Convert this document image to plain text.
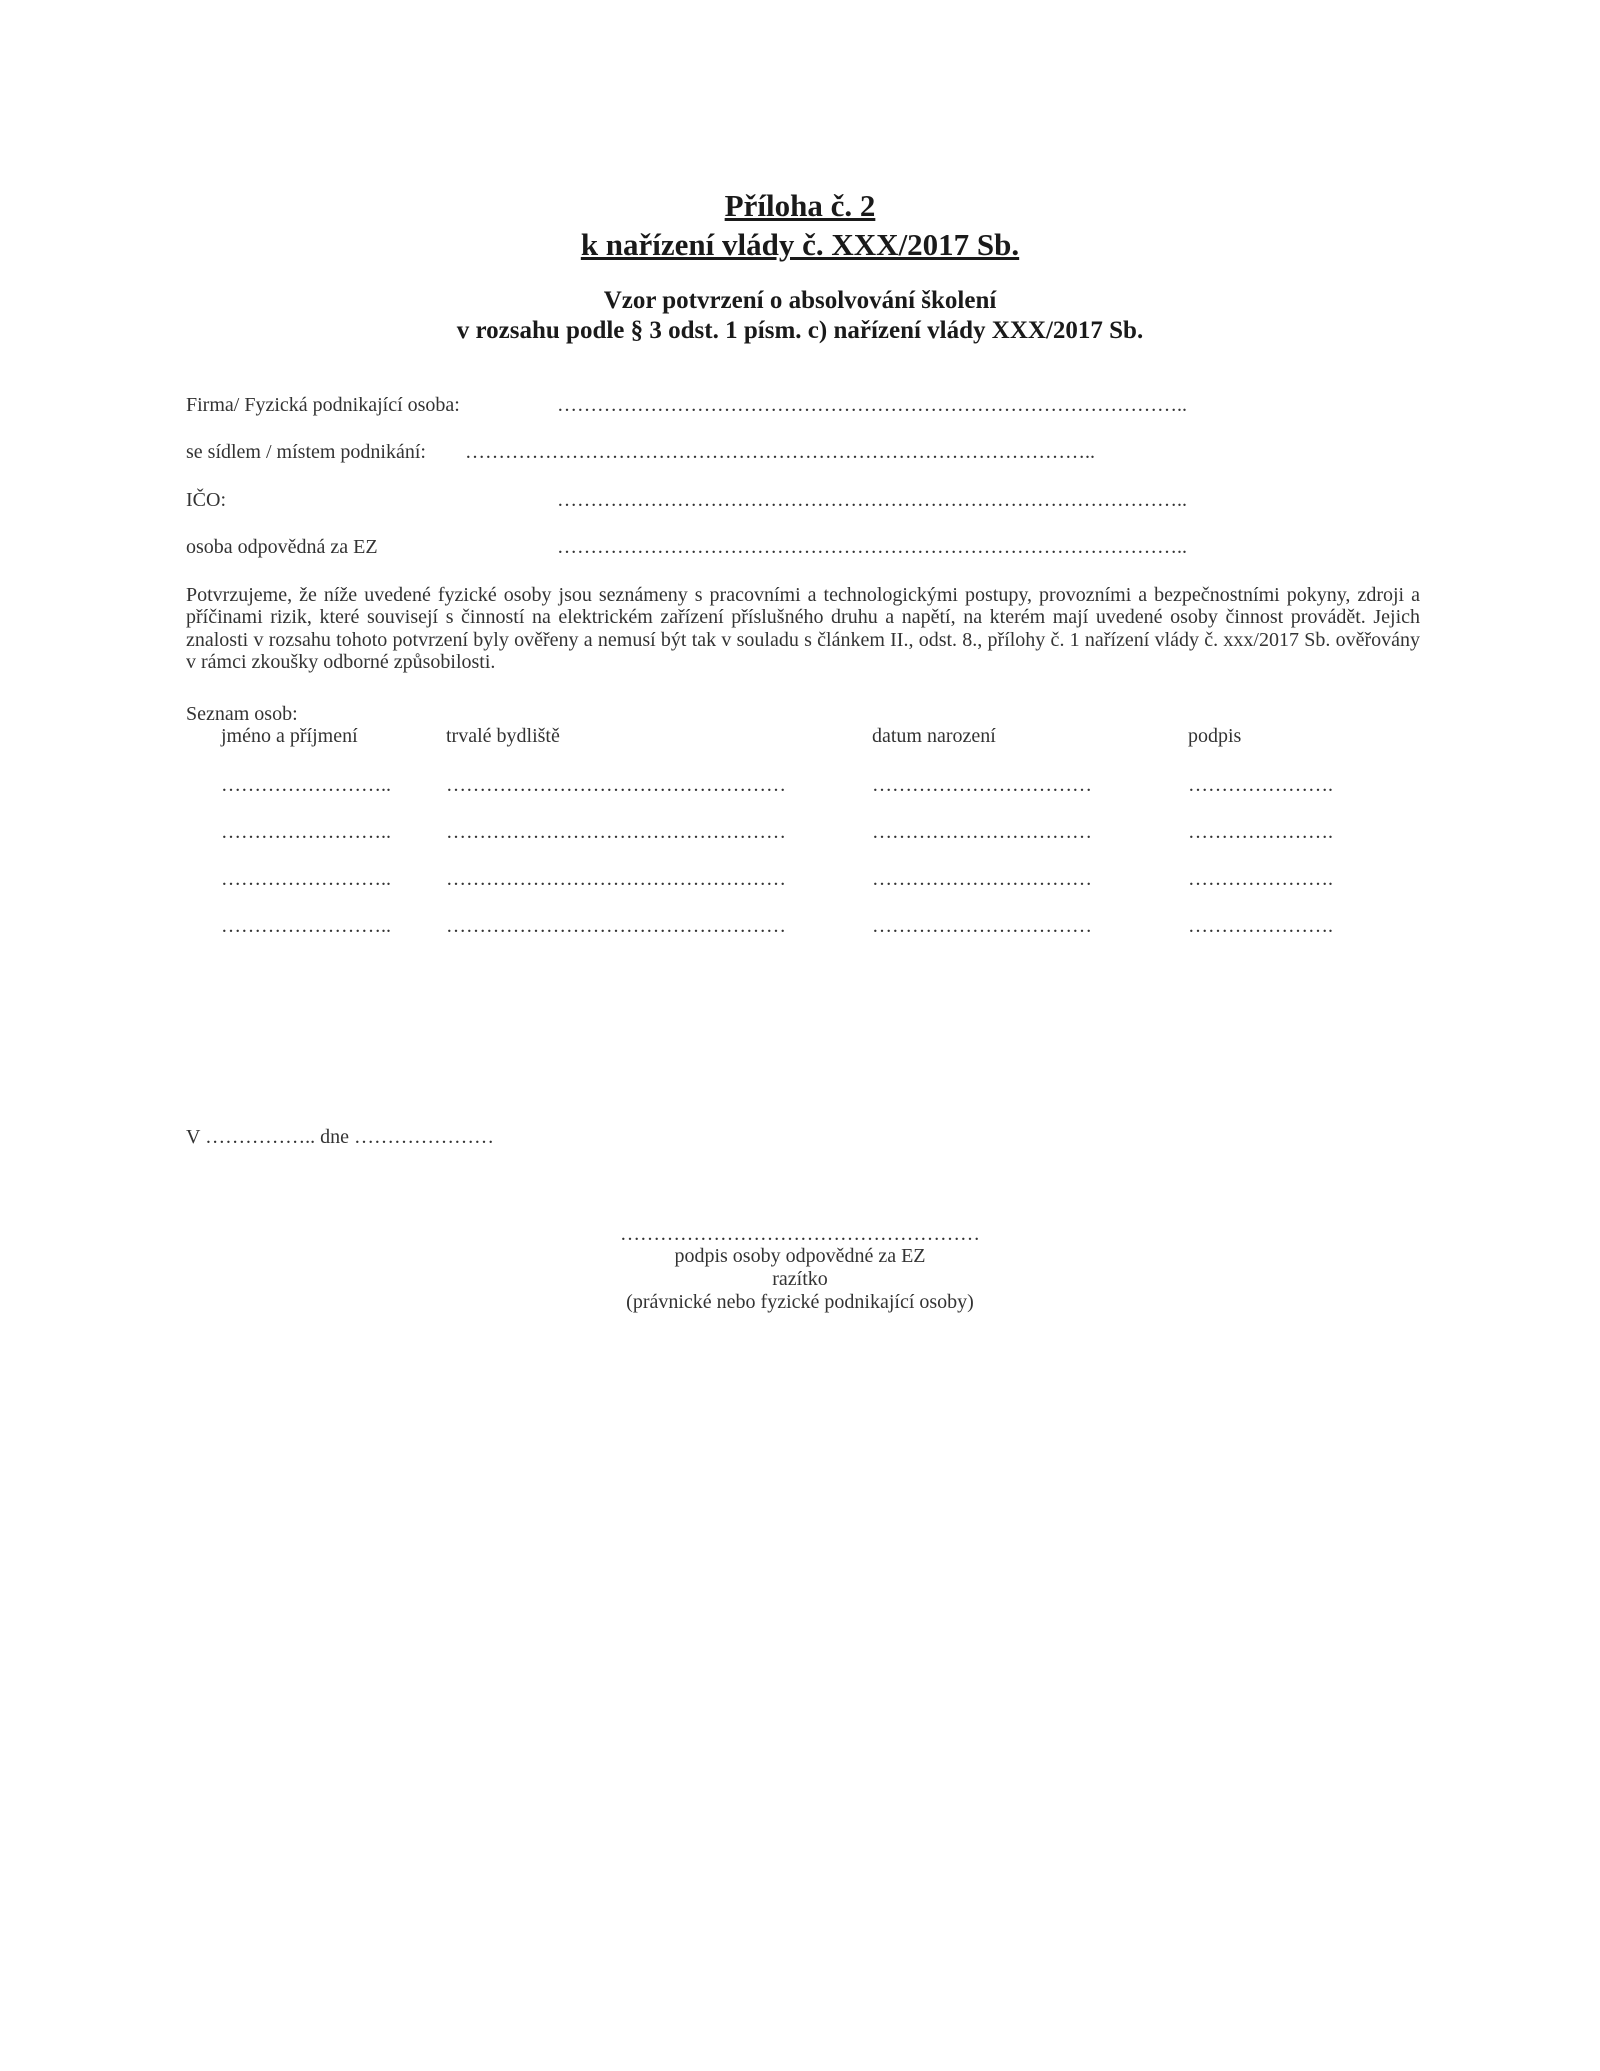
Příloha č. 2
k nařízení vlády č. XXX/2017 Sb.
Vzor potvrzení o absolvování školení
v rozsahu podle § 3 odst. 1 písm. c) nařízení vlády XXX/2017 Sb.
Firma/ Fyzická podnikající osoba:	…………………………………………………………………………………..
se sídlem / místem podnikání: …………………………………………………………………………………..
IČO:	…………………………………………………………………………………..
osoba odpovědná za EZ	…………………………………………………………………………………..

Potvrzujeme, že níže uvedené fyzické osoby jsou seznámeny s pracovními a technologickými postupy, provozními a bezpečnostními pokyny, zdroji a příčinami rizik, které souvisejí s činností na elektrickém zařízení příslušného druhu a napětí, na kterém mají uvedené osoby činnost provádět. Jejich znalosti v rozsahu tohoto potvrzení byly ověřeny a nemusí být tak v souladu s článkem II., odst. 8., přílohy č. 1 nařízení vlády č. xxx/2017 Sb. ověřovány v rámci zkoušky odborné způsobilosti.

Seznam osob:
jméno a příjmení	trvalé bydliště	datum narození	podpis
……………………..	……………………………………………	……………………………	………………….
……………………..	……………………………………………	……………………………	………………….
……………………..	……………………………………………	……………………………	………………….
……………………..	……………………………………………	……………………………	………………….
V …………….. dne …………………
………………………………………………
podpis osoby odpovědné za EZ
razítko
(právnické nebo fyzické podnikající osoby)
